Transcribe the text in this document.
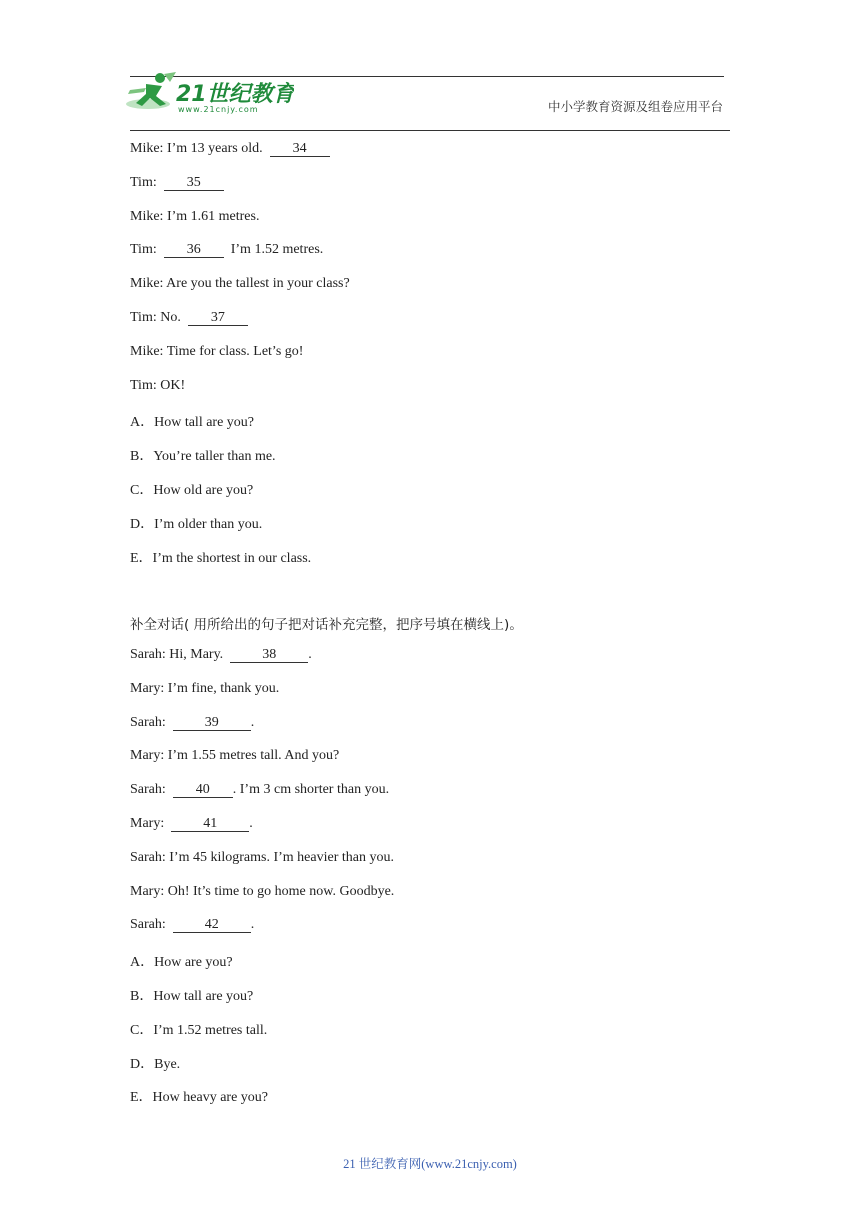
21世纪教育
www.21cnjy.com	中小学教育资源及组卷应用平台
Mike: I’m 13 years old.  34
Tim:  35
Mike: I’m 1.61 metres.
Tim:  36  I’m 1.52 metres.
Mike: Are you the tallest in your class?
Tim: No.  37
Mike: Time for class. Let’s go!
Tim: OK!
A．How tall are you?
B．You’re taller than me.
C．How old are you?
D．I’m older than you.
E．I’m the shortest in our class.
补全对话( 用所给出的句子把对话补充完整，把序号填在横线上)。
Sarah: Hi, Mary.  38 .
Mary: I’m fine, thank you.
Sarah:  39 .
Mary: I’m 1.55 metres tall. And you?
Sarah:  40 . I’m 3 cm shorter than you.
Mary:  41 .
Sarah: I’m 45 kilograms. I’m heavier than you.
Mary: Oh! It’s time to go home now. Goodbye.
Sarah:  42 .
A．How are you?
B．How tall are you?
C．I’m 1.52 metres tall.
D．Bye.
E．How heavy are you?
21 世纪教育网(www.21cnjy.com)
